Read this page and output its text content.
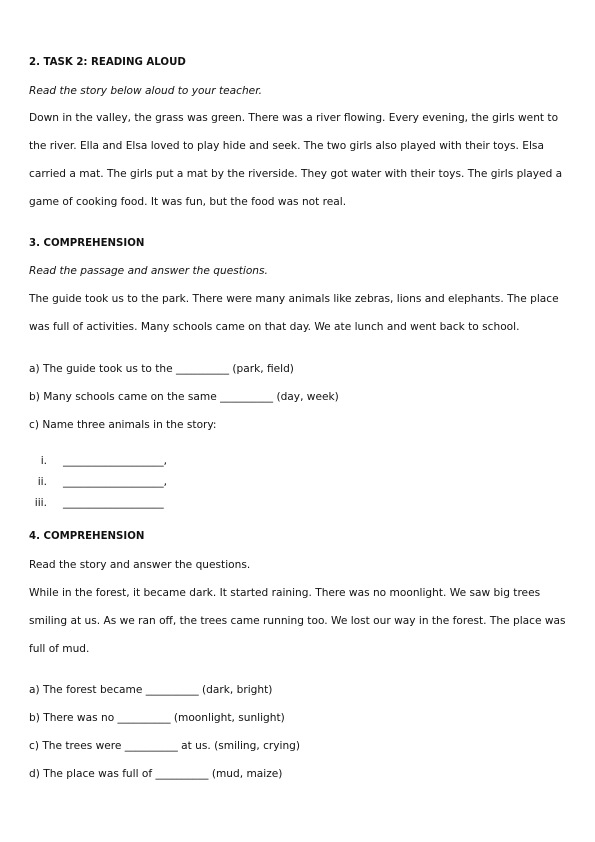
2. TASK 2: READING ALOUD
Read the story below aloud to your teacher.
Down in the valley, the grass was green. There was a river flowing. Every evening, the girls went to
the river. Ella and Elsa loved to play hide and seek. The two girls also played with their toys. Elsa
carried a mat. The girls put a mat by the riverside. They got water with their toys. The girls played a
game of cooking food. It was fun, but the food was not real.
3. COMPREHENSION
Read the passage and answer the questions.
The guide took us to the park. There were many animals like zebras, lions and elephants. The place
was full of activities. Many schools came on that day. We ate lunch and went back to school.
a) The guide took us to the __________ (park, field)
b) Many schools came on the same __________ (day, week)
c) Name three animals in the story:
i. ___________________,
ii. ___________________,
iii. ___________________
4. COMPREHENSION
Read the story and answer the questions.
While in the forest, it became dark. It started raining. There was no moonlight. We saw big trees
smiling at us. As we ran off, the trees came running too. We lost our way in the forest. The place was
full of mud.
a) The forest became __________ (dark, bright)
b) There was no __________ (moonlight, sunlight)
c) The trees were __________ at us. (smiling, crying)
d) The place was full of __________ (mud, maize)
